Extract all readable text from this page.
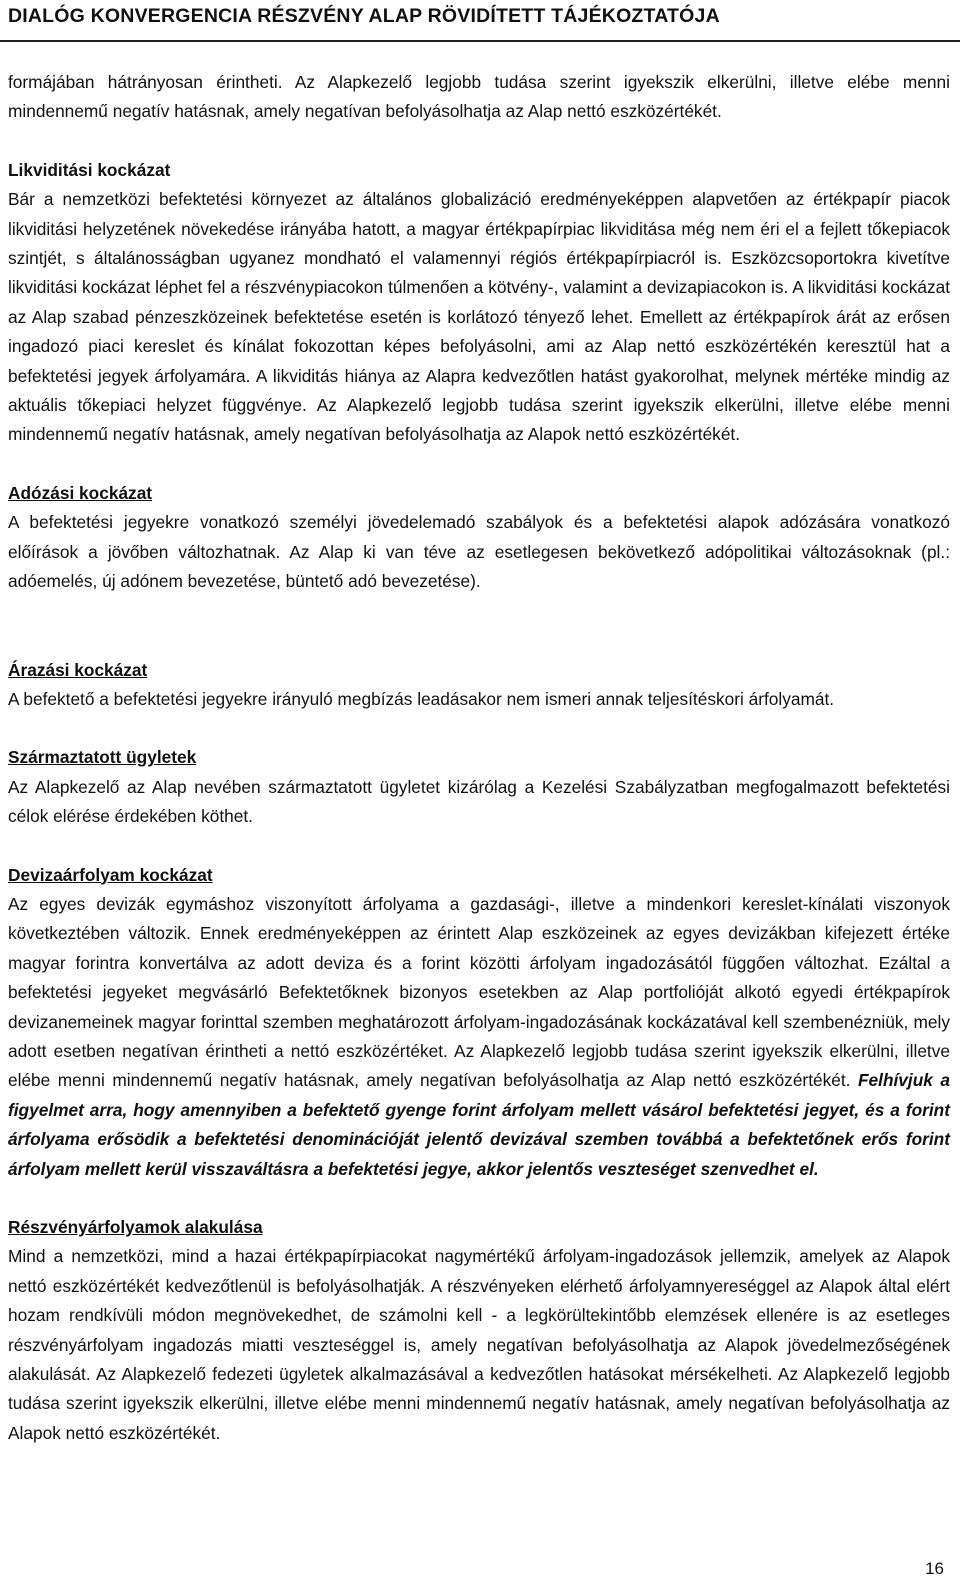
DIALÓG KONVERGENCIA RÉSZVÉNY ALAP RÖVIDÍTETT TÁJÉKOZTATÓJA

formájában hátrányosan érintheti. Az Alapkezelő legjobb tudása szerint igyekszik elkerülni, illetve elébe menni mindennemű negatív hatásnak, amely negatívan befolyásolhatja az Alap nettó eszközértékét.

Likviditási kockázat

Bár a nemzetközi befektetési környezet az általános globalizáció eredményeképpen alapvetően az értékpapír piacok likviditási helyzetének növekedése irányába hatott, a magyar értékpapírpiac likviditása még nem éri el a fejlett tőkepiacok szintjét, s általánosságban ugyanez mondható el valamennyi régiós értékpapírpiacról is. Eszközcsoportokra kivetítve likviditási kockázat léphet fel a részvénypiacokon túlmenően a kötvény-, valamint a devizapiacokon is. A likviditási kockázat az Alap szabad pénzeszközeinek befektetése esetén is korlátozó tényező lehet. Emellett az értékpapírok árát az erősen ingadozó piaci kereslet és kínálat fokozottan képes befolyásolni, ami az Alap nettó eszközértékén keresztül hat a befektetési jegyek árfolyamára. A likviditás hiánya az Alapra kedvezőtlen hatást gyakorolhat, melynek mértéke mindig az aktuális tőkepiaci helyzet függvénye. Az Alapkezelő legjobb tudása szerint igyekszik elkerülni, illetve elébe menni mindennemű negatív hatásnak, amely negatívan befolyásolhatja az Alapok nettó eszközértékét.

Adózási kockázat

A befektetési jegyekre vonatkozó személyi jövedelemadó szabályok és a befektetési alapok adózására vonatkozó előírások a jövőben változhatnak. Az Alap ki van téve az esetlegesen bekövetkező adópolitikai változásoknak (pl.: adóemelés, új adónem bevezetése, büntető adó bevezetése).

Árazási kockázat

A befektető a befektetési jegyekre irányuló megbízás leadásakor nem ismeri annak teljesítéskori árfolyamát.

Származtatott ügyletek

Az Alapkezelő az Alap nevében származtatott ügyletet kizárólag a Kezelési Szabályzatban megfogalmazott befektetési célok elérése érdekében köthet.

Devizaárfolyam kockázat

Az egyes devizák egymáshoz viszonyított árfolyama a gazdasági-, illetve a mindenkori kereslet-kínálati viszonyok következtében változik. Ennek eredményeképpen az érintett Alap eszközeinek az egyes devizákban kifejezett értéke magyar forintra konvertálva az adott deviza és a forint közötti árfolyam ingadozásától függően változhat. Ezáltal a befektetési jegyeket megvásárló Befektetőknek bizonyos esetekben az Alap portfolióját alkotó egyedi értékpapírok devizanemeinek magyar forinttal szemben meghatározott árfolyam-ingadozásának kockázatával kell szembenézniük, mely adott esetben negatívan érintheti a nettó eszközértéket. Az Alapkezelő legjobb tudása szerint igyekszik elkerülni, illetve elébe menni mindennemű negatív hatásnak, amely negatívan befolyásolhatja az Alap nettó eszközértékét. Felhívjuk a figyelmet arra, hogy amennyiben a befektető gyenge forint árfolyam mellett vásárol befektetési jegyet, és a forint árfolyama erősödik a befektetési denominációját jelentő devizával szemben továbbá a befektetőnek erős forint árfolyam mellett kerül visszaváltásra a befektetési jegye, akkor jelentős veszteséget szenvedhet el.

Részvényárfolyamok alakulása

Mind a nemzetközi, mind a hazai értékpapírpiacokat nagymértékű árfolyam-ingadozások jellemzik, amelyek az Alapok nettó eszközértékét kedvezőtlenül is befolyásolhatják. A részvényeken elérhető árfolyamnyereséggel az Alapok által elért hozam rendkívüli módon megnövekedhet, de számolni kell - a legkörültekintőbb elemzések ellenére is az esetleges részvényárfolyam ingadozás miatti veszteséggel is, amely negatívan befolyásolhatja az Alapok jövedelmezőségének alakulását. Az Alapkezelő fedezeti ügyletek alkalmazásával a kedvezőtlen hatásokat mérsékelheti. Az Alapkezelő legjobb tudása szerint igyekszik elkerülni, illetve elébe menni mindennemű negatív hatásnak, amely negatívan befolyásolhatja az Alapok nettó eszközértékét.

16
